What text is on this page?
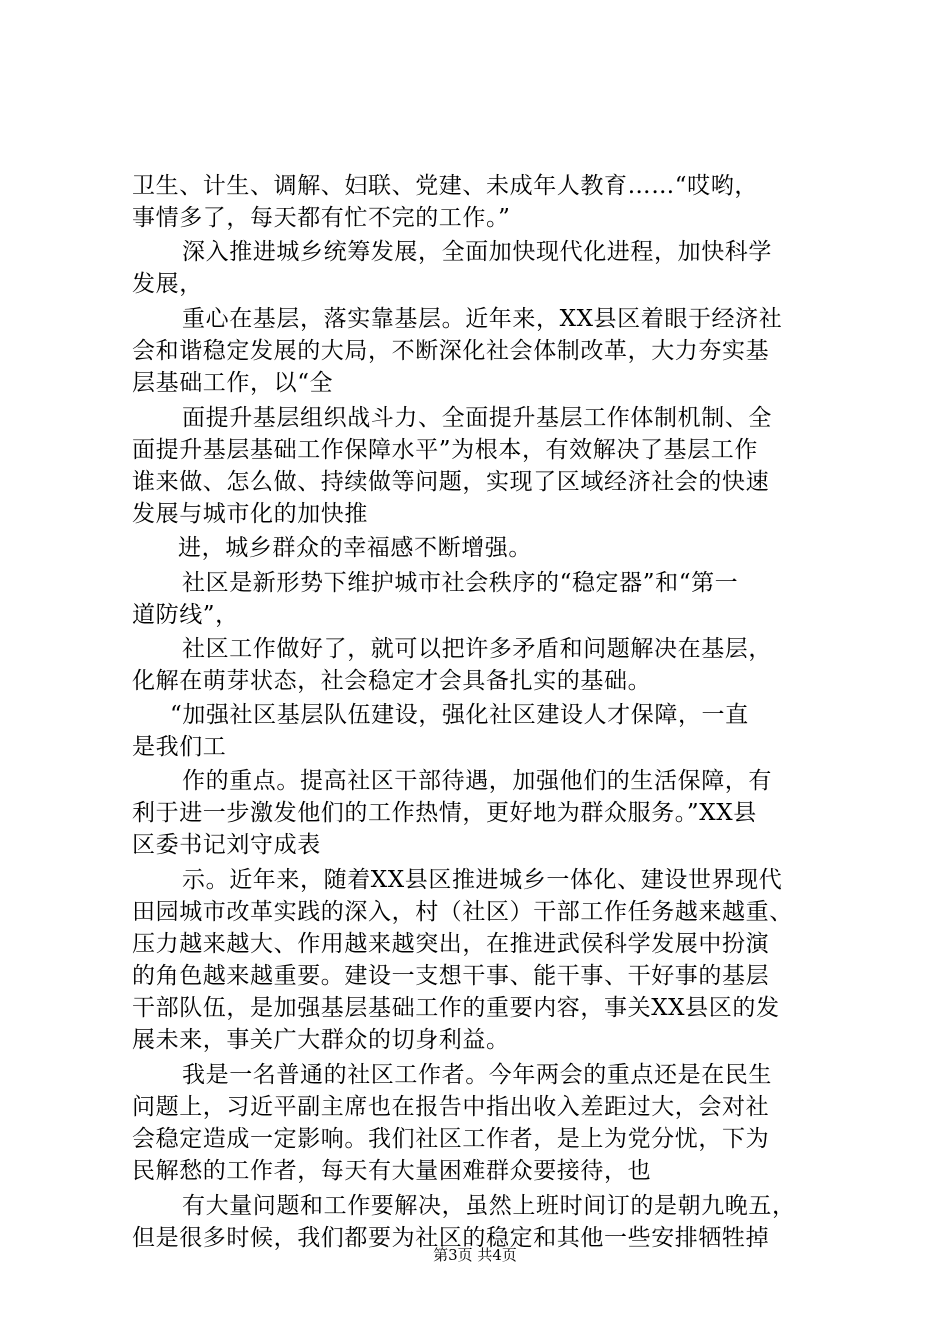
卫生、计生、调解、妇联、党建、未成年人教育……“哎哟，
事情多了，每天都有忙不完的工作。”
深入推进城乡统筹发展，全面加快现代化进程，加快科学
发展，
重心在基层，落实靠基层。近年来，XX县区着眼于经济社
会和谐稳定发展的大局，不断深化社会体制改革，大力夯实基
层基础工作，以“全
面提升基层组织战斗力、全面提升基层工作体制机制、全
面提升基层基础工作保障水平”为根本，有效解决了基层工作
谁来做、怎么做、持续做等问题，实现了区域经济社会的快速
发展与城市化的加快推
进，城乡群众的幸福感不断增强。
社区是新形势下维护城市社会秩序的“稳定器”和“第一
道防线”，
社区工作做好了，就可以把许多矛盾和问题解决在基层，
化解在萌芽状态，社会稳定才会具备扎实的基础。
“加强社区基层队伍建设，强化社区建设人才保障，一直
是我们工
作的重点。提高社区干部待遇，加强他们的生活保障，有
利于进一步激发他们的工作热情，更好地为群众服务。”XX县
区委书记刘守成表
示。近年来，随着XX县区推进城乡一体化、建设世界现代
田园城市改革实践的深入，村（社区）干部工作任务越来越重、
压力越来越大、作用越来越突出，在推进武侯科学发展中扮演
的角色越来越重要。建设一支想干事、能干事、干好事的基层
干部队伍，是加强基层基础工作的重要内容，事关XX县区的发
展未来，事关广大群众的切身利益。
我是一名普通的社区工作者。今年两会的重点还是在民生
问题上，习近平副主席也在报告中指出收入差距过大，会对社
会稳定造成一定影响。我们社区工作者，是上为党分忧，下为
民解愁的工作者，每天有大量困难群众要接待，也
有大量问题和工作要解决，虽然上班时间订的是朝九晚五，
但是很多时候，我们都要为社区的稳定和其他一些安排牺牲掉
第3页 共4页
